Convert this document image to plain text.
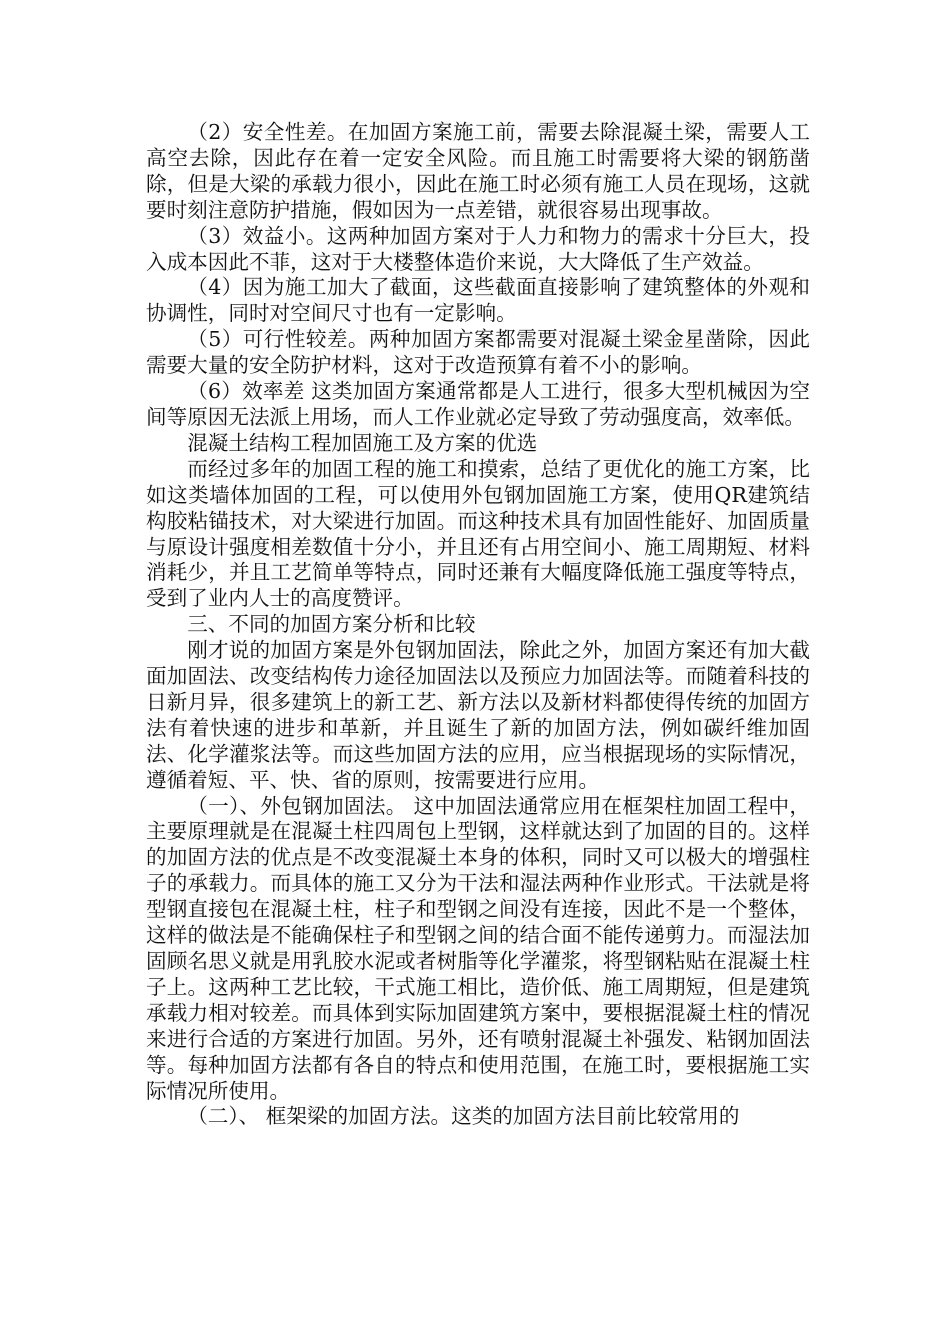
（2）安全性差。在加固方案施工前，需要去除混凝土梁，需要人工高空去除，因此存在着一定安全风险。而且施工时需要将大梁的钢筋凿除，但是大梁的承载力很小，因此在施工时必须有施工人员在现场，这就要时刻注意防护措施，假如因为一点差错，就很容易出现事故。

（3）效益小。这两种加固方案对于人力和物力的需求十分巨大，投入成本因此不菲，这对于大楼整体造价来说，大大降低了生产效益。

（4）因为施工加大了截面，这些截面直接影响了建筑整体的外观和协调性，同时对空间尺寸也有一定影响。

（5）可行性较差。两种加固方案都需要对混凝土梁金星凿除，因此需要大量的安全防护材料，这对于改造预算有着不小的影响。

（6）效率差 这类加固方案通常都是人工进行，很多大型机械因为空间等原因无法派上用场，而人工作业就必定导致了劳动强度高，效率低。

混凝土结构工程加固施工及方案的优选

而经过多年的加固工程的施工和摸索，总结了更优化的施工方案，比如这类墙体加固的工程，可以使用外包钢加固施工方案，使用QR建筑结构胶粘锚技术，对大梁进行加固。而这种技术具有加固性能好、加固质量与原设计强度相差数值十分小，并且还有占用空间小、施工周期短、材料消耗少，并且工艺简单等特点，同时还兼有大幅度降低施工强度等特点，受到了业内人士的高度赞评。

三、不同的加固方案分析和比较

刚才说的加固方案是外包钢加固法，除此之外，加固方案还有加大截面加固法、改变结构传力途径加固法以及预应力加固法等。而随着科技的日新月异，很多建筑上的新工艺、新方法以及新材料都使得传统的加固方法有着快速的进步和革新，并且诞生了新的加固方法，例如碳纤维加固法、化学灌浆法等。而这些加固方法的应用，应当根据现场的实际情况，遵循着短、平、快、省的原则，按需要进行应用。

（一）、外包钢加固法。 这中加固法通常应用在框架柱加固工程中，主要原理就是在混凝土柱四周包上型钢，这样就达到了加固的目的。这样的加固方法的优点是不改变混凝土本身的体积，同时又可以极大的增强柱子的承载力。而具体的施工又分为干法和湿法两种作业形式。干法就是将型钢直接包在混凝土柱，柱子和型钢之间没有连接，因此不是一个整体，这样的做法是不能确保柱子和型钢之间的结合面不能传递剪力。而湿法加固顾名思义就是用乳胶水泥或者树脂等化学灌浆，将型钢粘贴在混凝土柱子上。这两种工艺比较，干式施工相比，造价低、施工周期短，但是建筑承载力相对较差。而具体到实际加固建筑方案中，要根据混凝土柱的情况来进行合适的方案进行加固。另外，还有喷射混凝土补强发、粘钢加固法等。每种加固方法都有各自的特点和使用范围，在施工时，要根据施工实际情况所使用。

（二）、 框架梁的加固方法。这类的加固方法目前比较常用的
